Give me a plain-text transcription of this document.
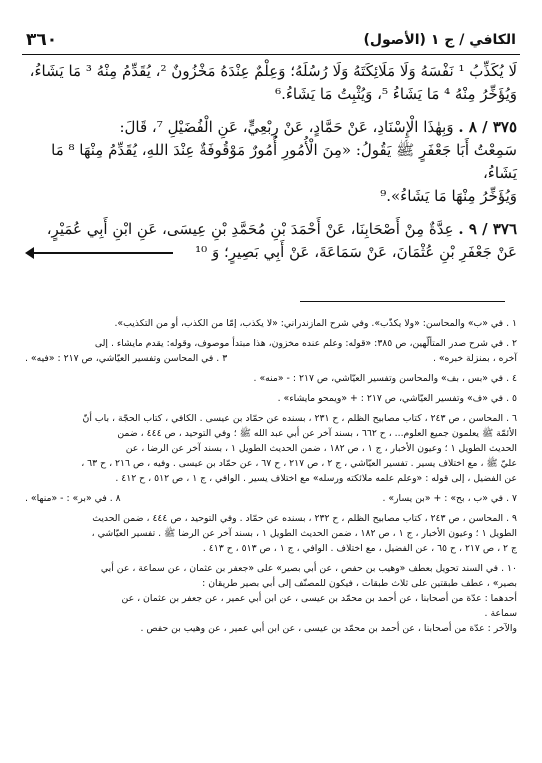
الكافي / ج ١ (الأصول)
٣٦٠

لَا يُكَذِّبُ ¹ نَفْسَهُ وَلَا مَلَائِكَتَهُ وَلَا رُسُلَهُ؛ وَعِلْمٌ عِنْدَهُ مَخْزُونٌ ²، يُقَدِّمُ مِنْهُ ³ مَا يَشَاءُ،
وَيُؤَخِّرُ مِنْهُ ⁴ مَا يَشَاءُ ⁵، وَيُثْبِتُ مَا يَشَاءُ.⁶

٣٧٥ / ٨ . وَبِهٰذَا الْإِسْنَادِ، عَنْ حَمَّادٍ، عَنْ رِبْعِيٍّ، عَنِ الْفُضَيْلِ ⁷، قَالَ:
سَمِعْتُ أَبَا جَعْفَرٍ ﷺ يَقُولُ: «مِنَ الْأُمُورِ أُمُورٌ مَوْقُوفَةٌ عِنْدَ اللهِ، يُقَدِّمُ مِنْهَا ⁸ مَا يَشَاءُ،
وَيُؤَخِّرُ مِنْهَا مَا يَشَاءُ».⁹

٣٧٦ / ٩ . عِدَّةٌ مِنْ أَصْحَابِنَا، عَنْ أَحْمَدَ بْنِ مُحَمَّدِ بْنِ عِيسَى، عَنِ ابْنِ أَبِي عُمَيْرٍ،

عَنْ جَعْفَرِ بْنِ عُثْمَانَ، عَنْ سَمَاعَةَ، عَنْ أَبِي بَصِيرٍ؛ وَ ¹⁰

١ . في «ب» والمحاسن: «ولا يكذّب». وفي شرح المازندراني: «لا يكذب، إمّا من الكذب، أو من التكذيب».

٢ . في شرح صدر المتألّهين، ص ٣٨٥: «قوله: وعلم عنده مخزون، هذا مبتدأ موصوف، وقوله: يقدم مايشاء . إلى

آخره ، بمنزلة خبره» .
٣ . في المحاسن وتفسير العيّاشي، ص ٢١٧ : «فيه» .

٤ . في «بس ، بف» والمحاسن وتفسير العيّاشي، ص ٢١٧ : - «منه» .

٥ . في «ف» وتفسير العيّاشي، ص ٢١٧ : + «ويمحو مايشاء» .

٦ . المحاسن ، ص ٢٤٣ ، كتاب مصابيح الظلم ، ح ٢٣١ ، بسنده عن حمّاد بن عيسى . الكافي ، كتاب الحجّة ، باب أنّ
الأئمّة ﷺ يعلمون جميع العلوم... ، ح ٦٦٢ ، بسند آخر عن أبي عبد الله ﷺ ؛ وفي التوحيد ، ص ٤٤٤ ، ضمن
الحديث الطويل ١ ؛ وعيون الأخبار ، ج ١ ، ص ١٨٢ ، ضمن الحديث الطويل ١ ، بسند آخر عن الرضا ، عن
عليّ ﷺ ، مع اختلاف يسير . تفسير العيّاشي ، ج ٢ ، ص ٢١٧ ، ح ٦٧ ، عن حمّاد بن عيسى . وفيه ، ص ٢١٦ ، ح ٦٣ ،
عن الفضيل ، إلى قوله : «وعلم علمه ملائكته ورسله» مع اختلاف يسير . الوافي ، ج ١ ، ص ٥١٢ ، ح ٤١٢ .

٧ . في «ب ، بح» : + «بن يسار» .
٨ . في «بر» : - «منها» .

٩ . المحاسن ، ص ٢٤٣ ، كتاب مصابيح الظلم ، ح ٢٣٢ ، بسنده عن حمّاد . وفي التوحيد ، ص ٤٤٤ ، ضمن الحديث
الطويل ١ ؛ وعيون الأخبار ، ج ١ ، ص ١٨٢ ، ضمن الحديث الطويل ١ ، بسند آخر عن الرضا ﷺ . تفسير العيّاشي ،
ج ٢ ، ص ٢١٧ ، ح ٦٥ ، عن الفضيل ، مع اختلاف . الوافي ، ج ١ ، ص ٥١٣ ، ح ٤١٣ .

١٠ . في السند تحويل بعطف «وهيب بن حفص ، عن أبي بصير» على «جعفر بن عثمان ، عن سماعة ، عن أبي
بصير» ، عطف طبقتين على ثلاث طبقات ، فيكون للمصنّف إلى أبي بصير طريقان :
أحدهما : عدّة من أصحابنا ، عن أحمد بن محمّد بن عيسى ، عن ابن أبي عمير ، عن جعفر بن عثمان ، عن
سماعة .
والآخر : عدّة من أصحابنا ، عن أحمد بن محمّد بن عيسى ، عن ابن أبي عمير ، عن وهيب بن حفص .
